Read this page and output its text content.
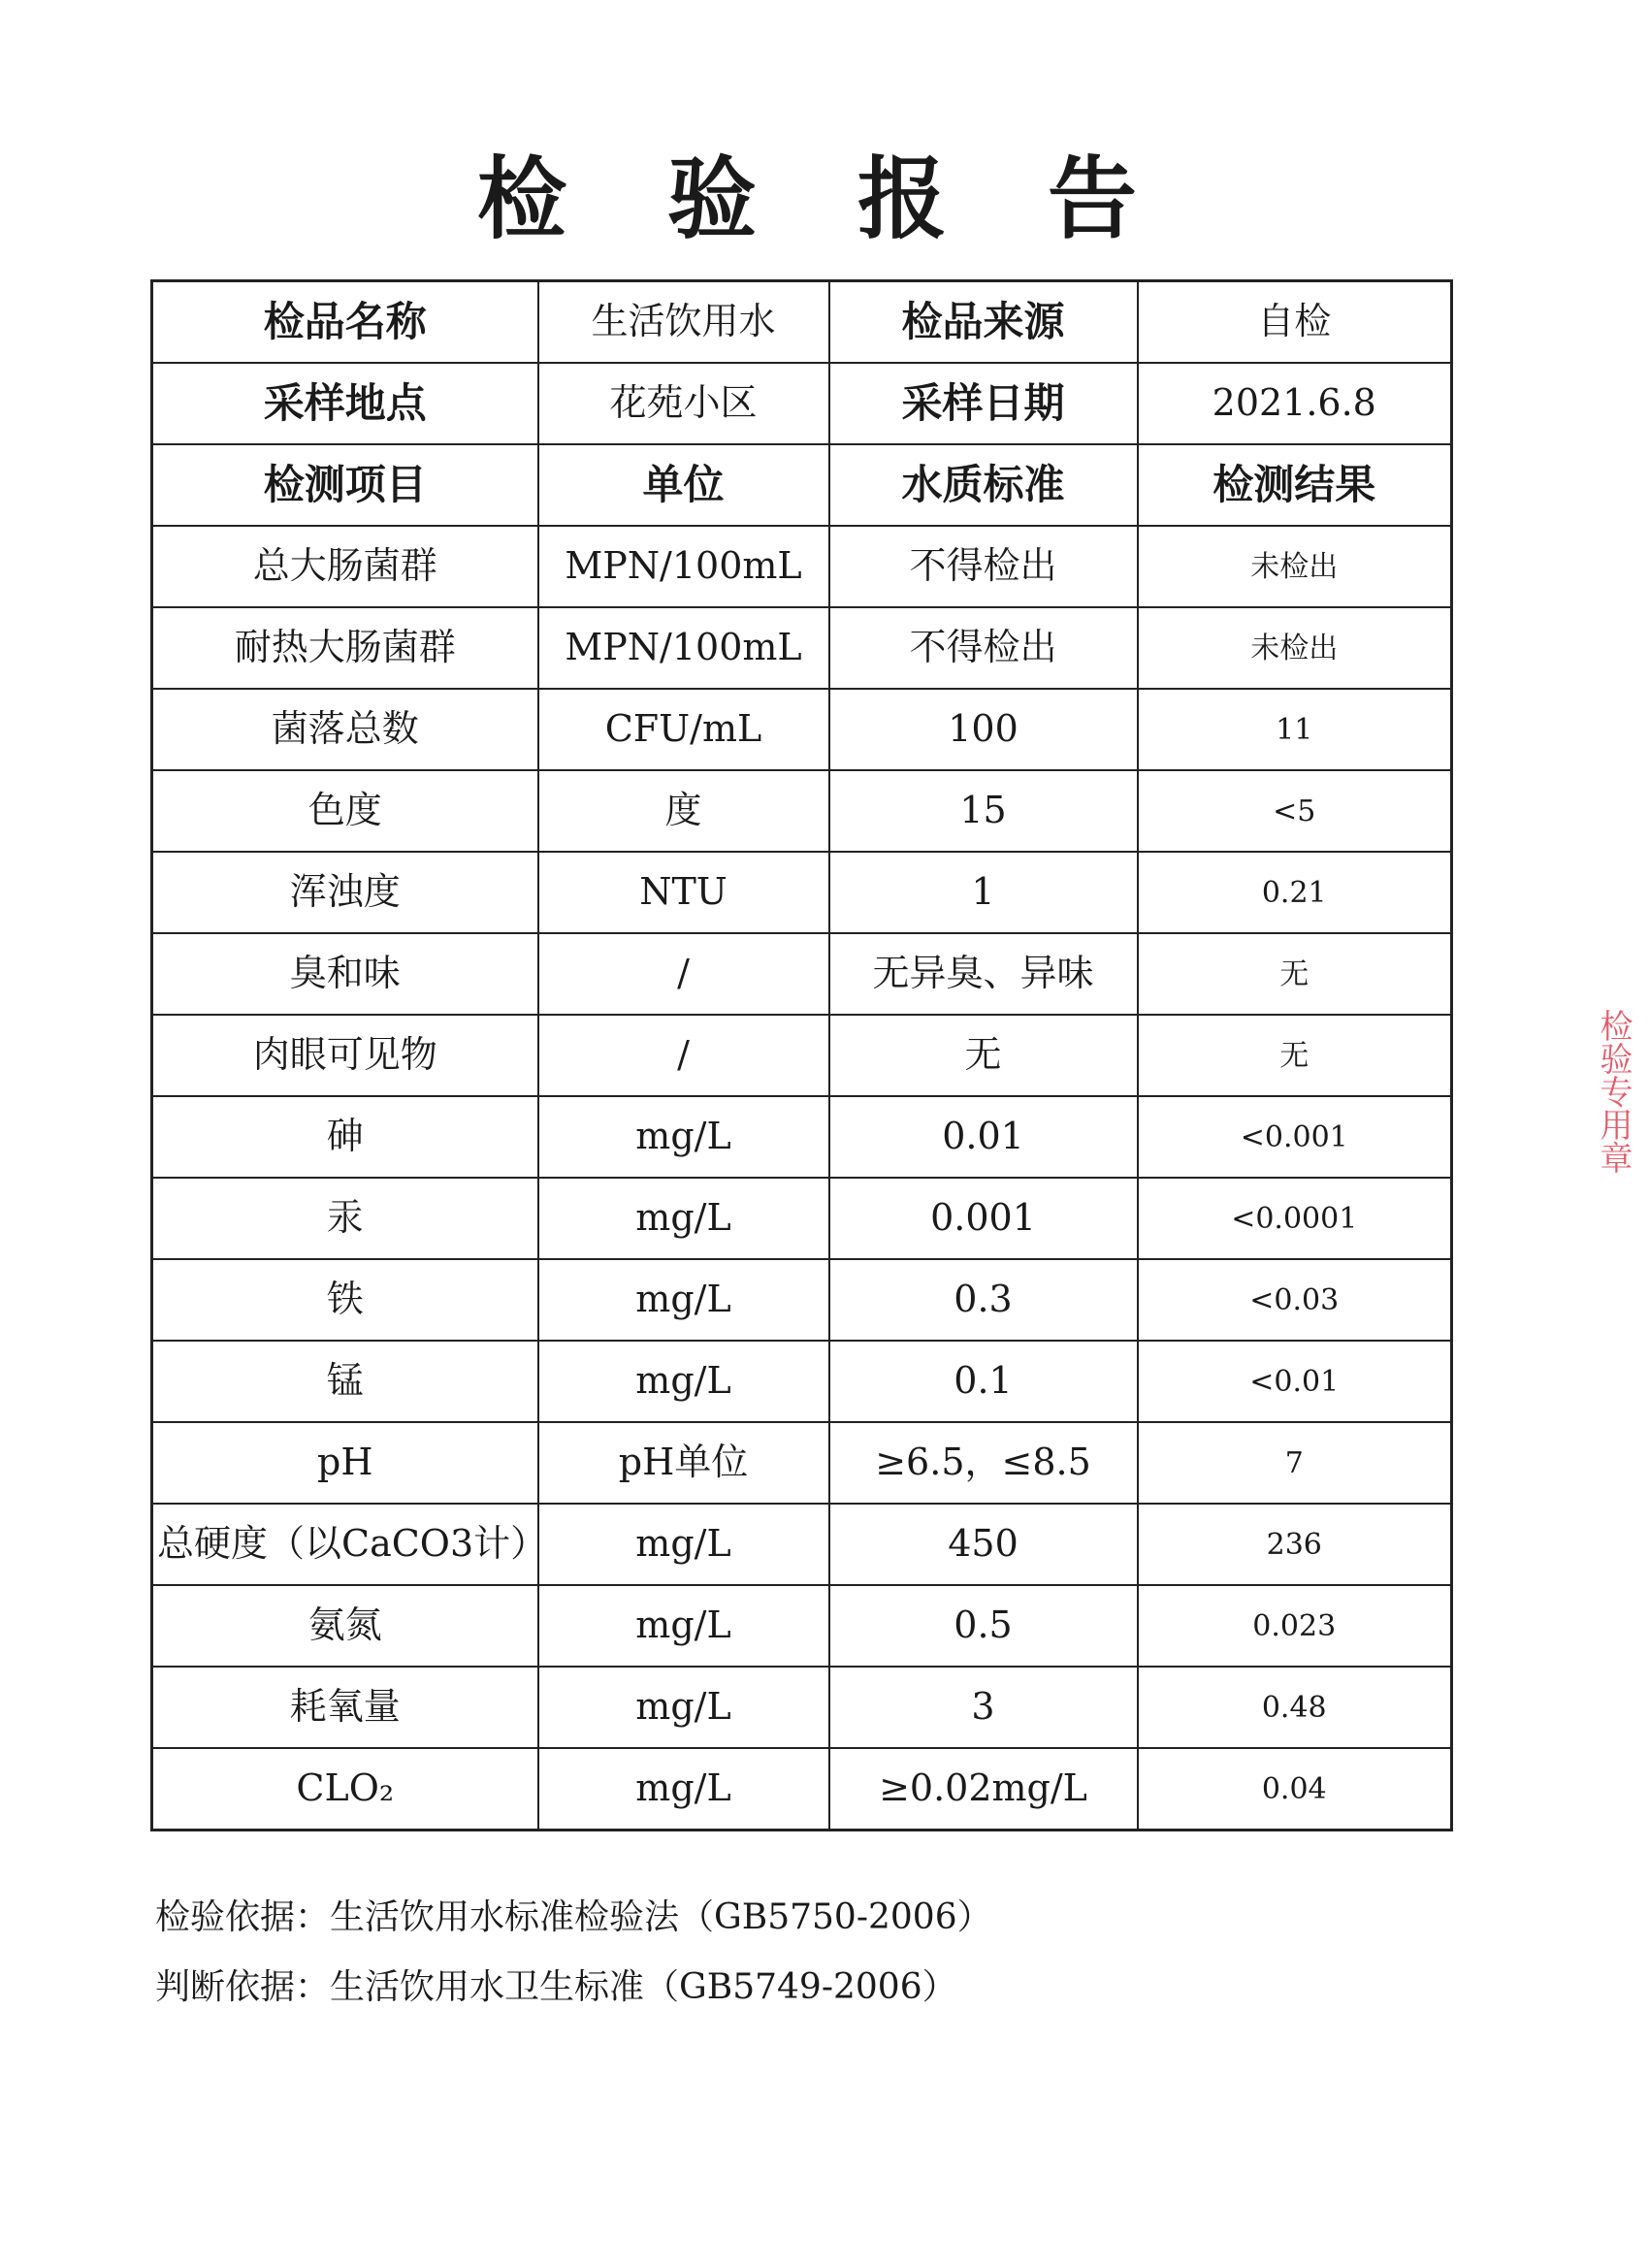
检 验 报 告
检品名称	生活饮用水	检品来源	自检
采样地点	花苑小区	采样日期	2021.6.8
检测项目	单位	水质标准	检测结果
总大肠菌群	MPN/100mL	不得检出	未检出
耐热大肠菌群	MPN/100mL	不得检出	未检出
菌落总数	CFU/mL	100	11
色度	度	15	<5
浑浊度	NTU	1	0.21
臭和味	/	无异臭、异味	无
肉眼可见物	/	无	无
砷	mg/L	0.01	<0.001
汞	mg/L	0.001	<0.0001
铁	mg/L	0.3	<0.03
锰	mg/L	0.1	<0.01
pH	pH单位	≥6.5，≤8.5	7
总硬度（以CaCO3计）	mg/L	450	236
氨氮	mg/L	0.5	0.023
耗氧量	mg/L	3	0.48
CLO₂	mg/L	≥0.02mg/L	0.04
检验依据：生活饮用水标准检验法（GB5750-2006）
判断依据：生活饮用水卫生标准（GB5749-2006）
检验专用章
